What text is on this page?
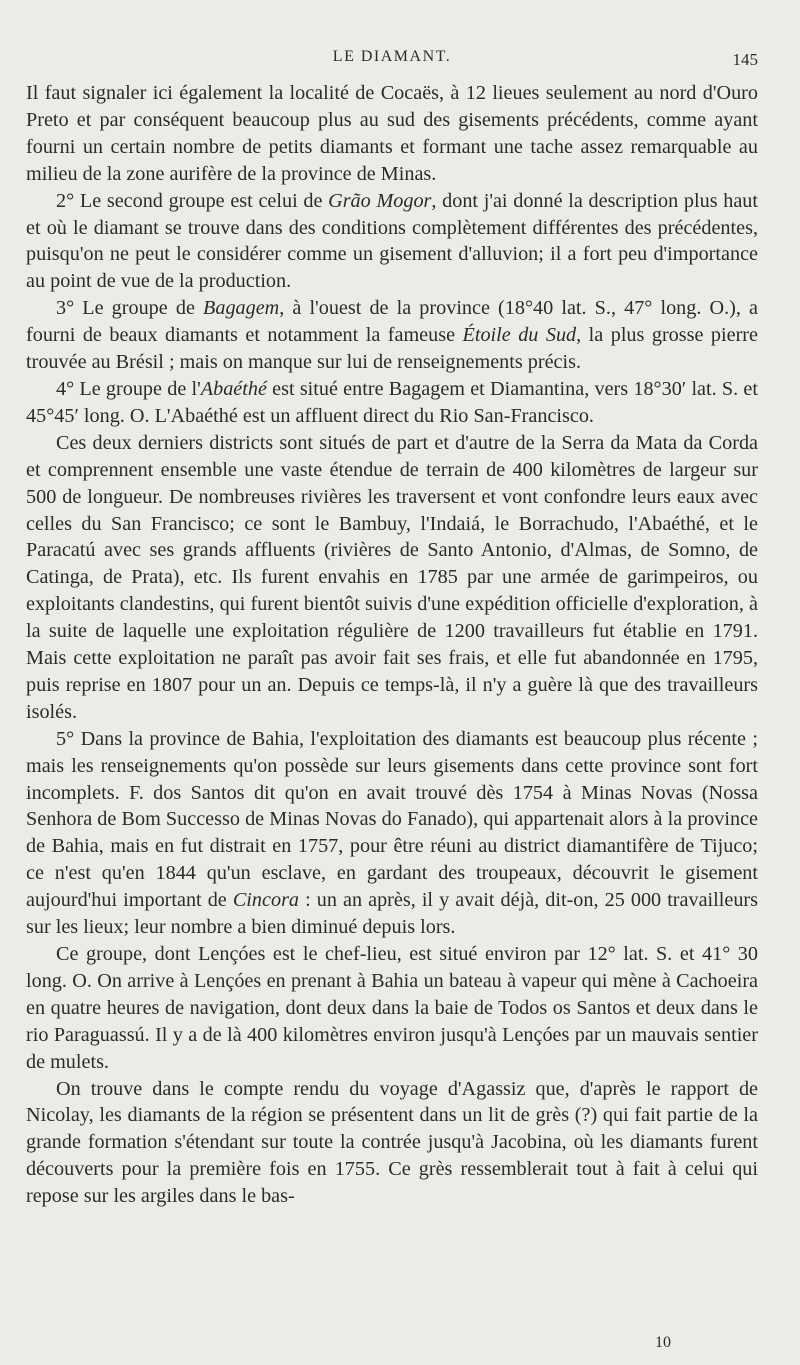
LE DIAMANT.	145

Il faut signaler ici également la localité de Cocaës, à 12 lieues seulement au nord d'Ouro Preto et par conséquent beaucoup plus au sud des gisements précédents, comme ayant fourni un certain nombre de petits diamants et formant une tache assez remarquable au milieu de la zone aurifère de la province de Minas.

2° Le second groupe est celui de Grão Mogor, dont j'ai donné la description plus haut et où le diamant se trouve dans des conditions complètement différentes des précédentes, puisqu'on ne peut le considérer comme un gisement d'alluvion; il a fort peu d'importance au point de vue de la production.

3° Le groupe de Bagagem, à l'ouest de la province (18°40 lat. S., 47° long. O.), a fourni de beaux diamants et notamment la fameuse Étoile du Sud, la plus grosse pierre trouvée au Brésil ; mais on manque sur lui de renseignements précis.

4° Le groupe de l'Abaéthé est situé entre Bagagem et Diamantina, vers 18°30′ lat. S. et 45°45′ long. O. L'Abaéthé est un affluent direct du Rio San-Francisco.

Ces deux derniers districts sont situés de part et d'autre de la Serra da Mata da Corda et comprennent ensemble une vaste étendue de terrain de 400 kilomètres de largeur sur 500 de longueur. De nombreuses rivières les traversent et vont confondre leurs eaux avec celles du San Francisco; ce sont le Bambuy, l'Indaiá, le Borrachudo, l'Abaéthé, et le Paracatú avec ses grands affluents (rivières de Santo Antonio, d'Almas, de Somno, de Catinga, de Prata), etc. Ils furent envahis en 1785 par une armée de garimpeiros, ou exploitants clandestins, qui furent bientôt suivis d'une expédition officielle d'exploration, à la suite de laquelle une exploitation régulière de 1200 travailleurs fut établie en 1791. Mais cette exploitation ne paraît pas avoir fait ses frais, et elle fut abandonnée en 1795, puis reprise en 1807 pour un an. Depuis ce temps-là, il n'y a guère là que des travailleurs isolés.

5° Dans la province de Bahia, l'exploitation des diamants est beaucoup plus récente ; mais les renseignements qu'on possède sur leurs gisements dans cette province sont fort incomplets. F. dos Santos dit qu'on en avait trouvé dès 1754 à Minas Novas (Nossa Senhora de Bom Successo de Minas Novas do Fanado), qui appartenait alors à la province de Bahia, mais en fut distrait en 1757, pour être réuni au district diamantifère de Tijuco; ce n'est qu'en 1844 qu'un esclave, en gardant des troupeaux, découvrit le gisement aujourd'hui important de Cincora : un an après, il y avait déjà, dit-on, 25 000 travailleurs sur les lieux; leur nombre a bien diminué depuis lors.

Ce groupe, dont Lençóes est le chef-lieu, est situé environ par 12° lat. S. et 41° 30 long. O. On arrive à Lençóes en prenant à Bahia un bateau à vapeur qui mène à Cachoeira en quatre heures de navigation, dont deux dans la baie de Todos os Santos et deux dans le rio Paraguassú. Il y a de là 400 kilomètres environ jusqu'à Lençóes par un mauvais sentier de mulets.

On trouve dans le compte rendu du voyage d'Agassiz que, d'après le rapport de Nicolay, les diamants de la région se présentent dans un lit de grès (?) qui fait partie de la grande formation s'étendant sur toute la contrée jusqu'à Jacobina, où les diamants furent découverts pour la première fois en 1755. Ce grès ressemblerait tout à fait à celui qui repose sur les argiles dans le bas-

10
